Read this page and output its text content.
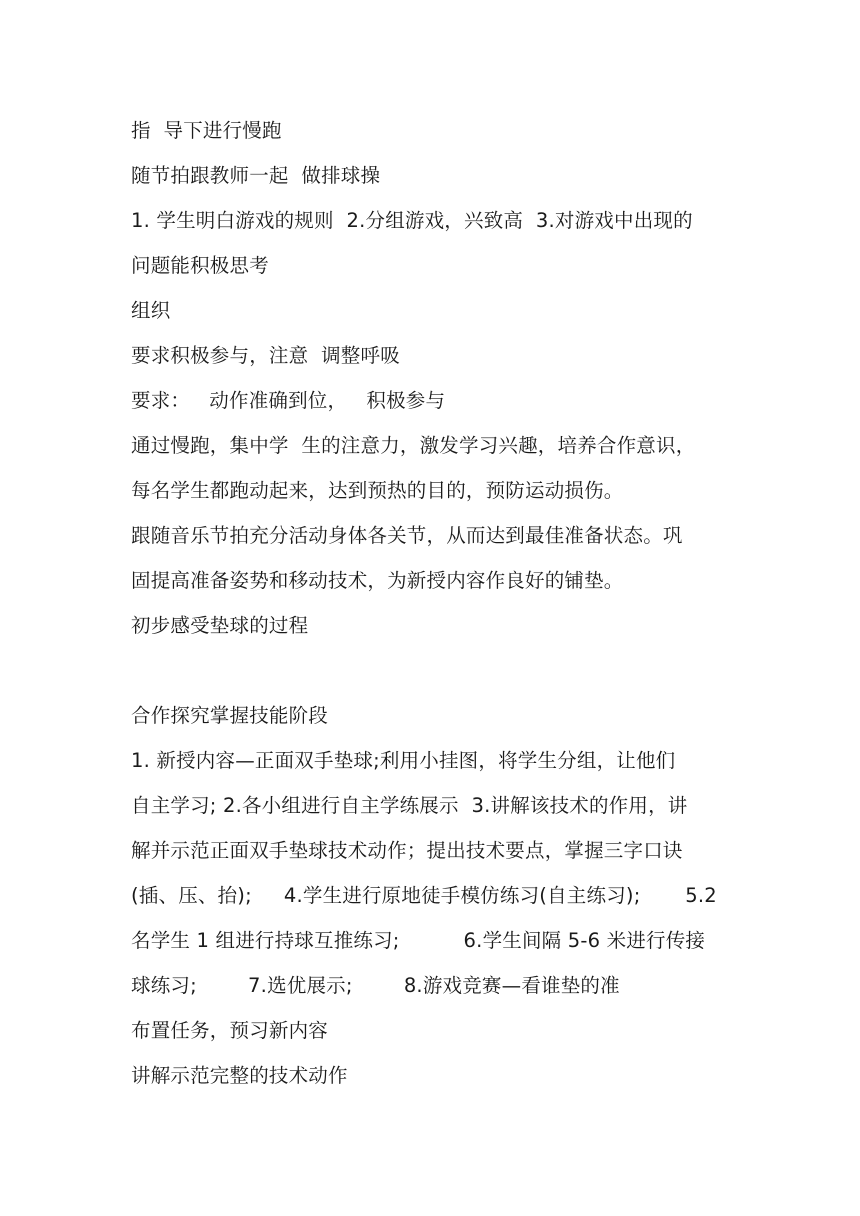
指  导下进行慢跑
随节拍跟教师一起  做排球操
1. 学生明白游戏的规则  2.分组游戏，兴致高  3.对游戏中出现的
问题能积极思考
组织
要求积极参与，注意  调整呼吸
要求：   动作准确到位，   积极参与
通过慢跑，集中学  生的注意力，激发学习兴趣，培养合作意识，
每名学生都跑动起来，达到预热的目的，预防运动损伤。
跟随音乐节拍充分活动身体各关节，从而达到最佳准备状态。巩
固提高准备姿势和移动技术，为新授内容作良好的铺垫。
初步感受垫球的过程
合作探究掌握技能阶段
1. 新授内容—正面双手垫球;利用小挂图，将学生分组，让他们
自主学习; 2.各小组进行自主学练展示  3.讲解该技术的作用，讲
解并示范正面双手垫球技术动作；提出技术要点，掌握三字口诀
(插、压、抬);     4.学生进行原地徒手模仿练习(自主练习);       5.2
名学生 1 组进行持球互推练习;          6.学生间隔 5-6 米进行传接
球练习;        7.选优展示;        8.游戏竞赛—看谁垫的准
布置任务，预习新内容
讲解示范完整的技术动作
